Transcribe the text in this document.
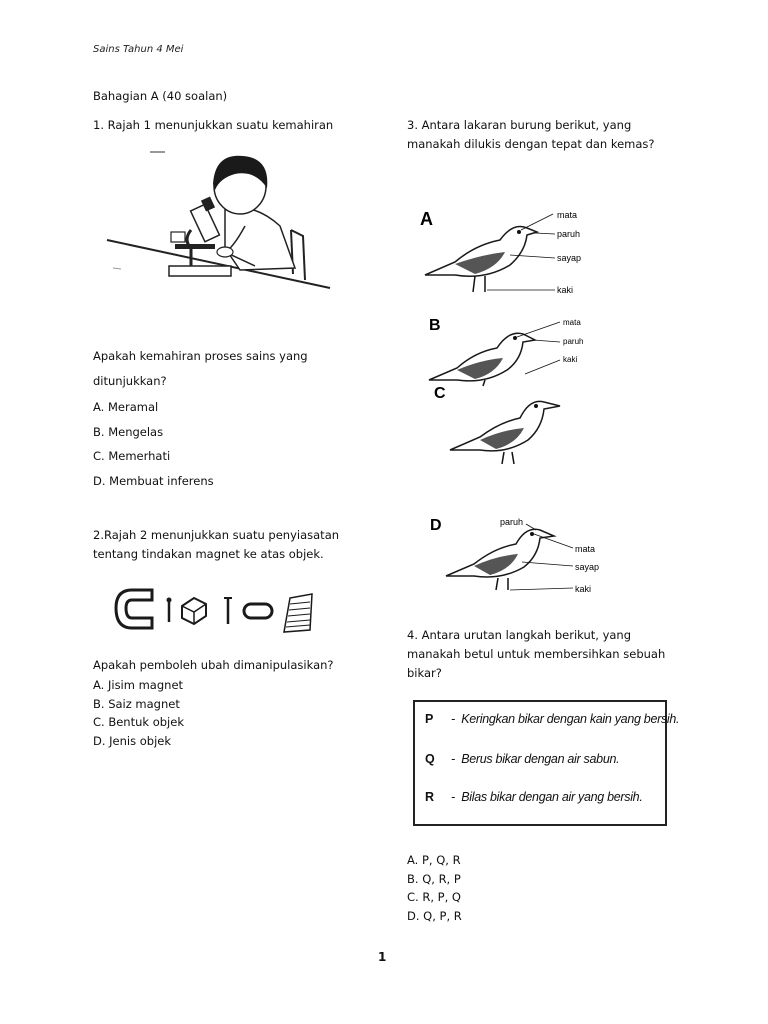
Sains Tahun 4 Mei
Bahagian A (40 soalan)
1. Rajah 1 menunjukkan suatu kemahiran
Apakah kemahiran proses sains yang
ditunjukkan?
A. Meramal
B. Mengelas
C. Memerhati
D. Membuat inferens
2.Rajah 2 menunjukkan suatu penyiasatan
tentang tindakan magnet ke atas objek.
Apakah pemboleh ubah dimanipulasikan?
A. Jisim magnet
B. Saiz magnet
C. Bentuk objek
D. Jenis objek
3. Antara lakaran burung berikut, yang
manakah dilukis dengan tepat dan kemas?
A	mata
paruh
sayap
kaki
B	mata
paruh
kaki
C
D	paruh
mata
sayap
kaki
4. Antara urutan langkah berikut, yang
manakah betul untuk membersihkan sebuah
bikar?
P -  Keringkan bikar dengan kain yang bersih.
Q -  Berus bikar dengan air sabun.
R -  Bilas bikar dengan air yang bersih.
A. P, Q, R
B. Q, R, P
C. R, P, Q
D. Q, P, R
1
